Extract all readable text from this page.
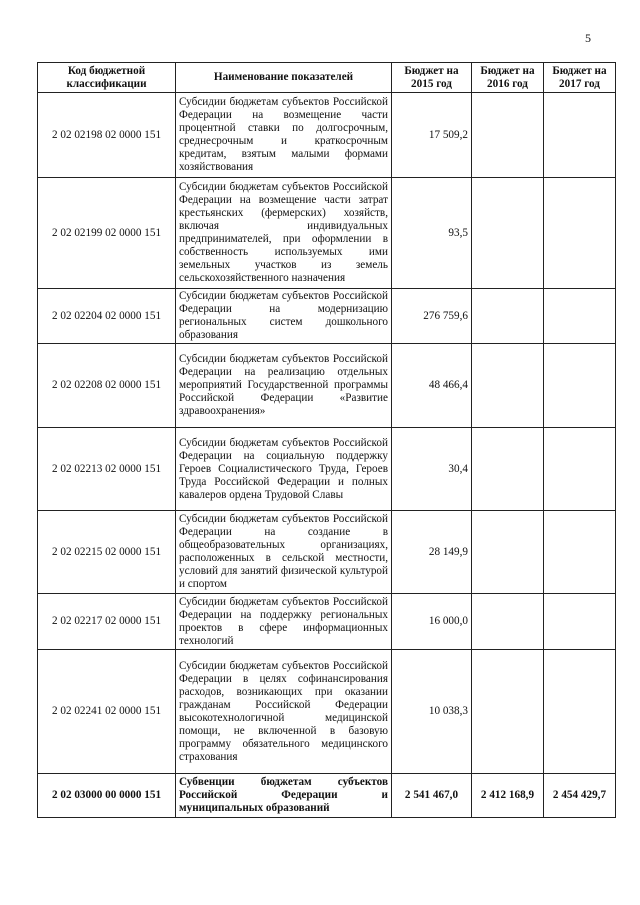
5
Код бюджетной классификации	Наименование показателей	Бюджет на 2015 год	Бюджет на 2016 год	Бюджет на 2017 год
2 02 02198 02 0000 151	Субсидии бюджетам субъектов Российской Федерации на возмещение части процентной ставки по долгосрочным, среднесрочным и краткосрочным кредитам, взятым малыми формами хозяйствования	17 509,2		
2 02 02199 02 0000 151	Субсидии бюджетам субъектов Российской Федерации на возмещение части затрат крестьянских (фермерских) хозяйств, включая индивидуальных предпринимателей, при оформлении в собственность используемых ими земельных участков из земель сельскохозяйственного назначения	93,5		
2 02 02204 02 0000 151	Субсидии бюджетам субъектов Российской Федерации на модернизацию региональных систем дошкольного образования	276 759,6		
2 02 02208 02 0000 151	Субсидии бюджетам субъектов Российской Федерации на реализацию отдельных мероприятий Государственной программы Российской Федерации «Развитие здравоохранения»	48 466,4		
2 02 02213 02 0000 151	Субсидии бюджетам субъектов Российской Федерации на социальную поддержку Героев Социалистического Труда, Героев Труда Российской Федерации и полных кавалеров ордена Трудовой Славы	30,4		
2 02 02215 02 0000 151	Субсидии бюджетам субъектов Российской Федерации на создание в общеобразовательных организациях, расположенных в сельской местности, условий для занятий физической культурой и спортом	28 149,9		
2 02 02217 02 0000 151	Субсидии бюджетам субъектов Российской Федерации на поддержку региональных проектов в сфере информационных технологий	16 000,0		
2 02 02241 02 0000 151	Субсидии бюджетам субъектов Российской Федерации в целях софинансирования расходов, возникающих при оказании гражданам Российской Федерации высокотехнологичной медицинской помощи, не включенной в базовую программу обязательного медицинского страхования	10 038,3		
2 02 03000 00 0000 151	Субвенции бюджетам субъектов Российской Федерации и муниципальных образований	2 541 467,0	2 412 168,9	2 454 429,7
